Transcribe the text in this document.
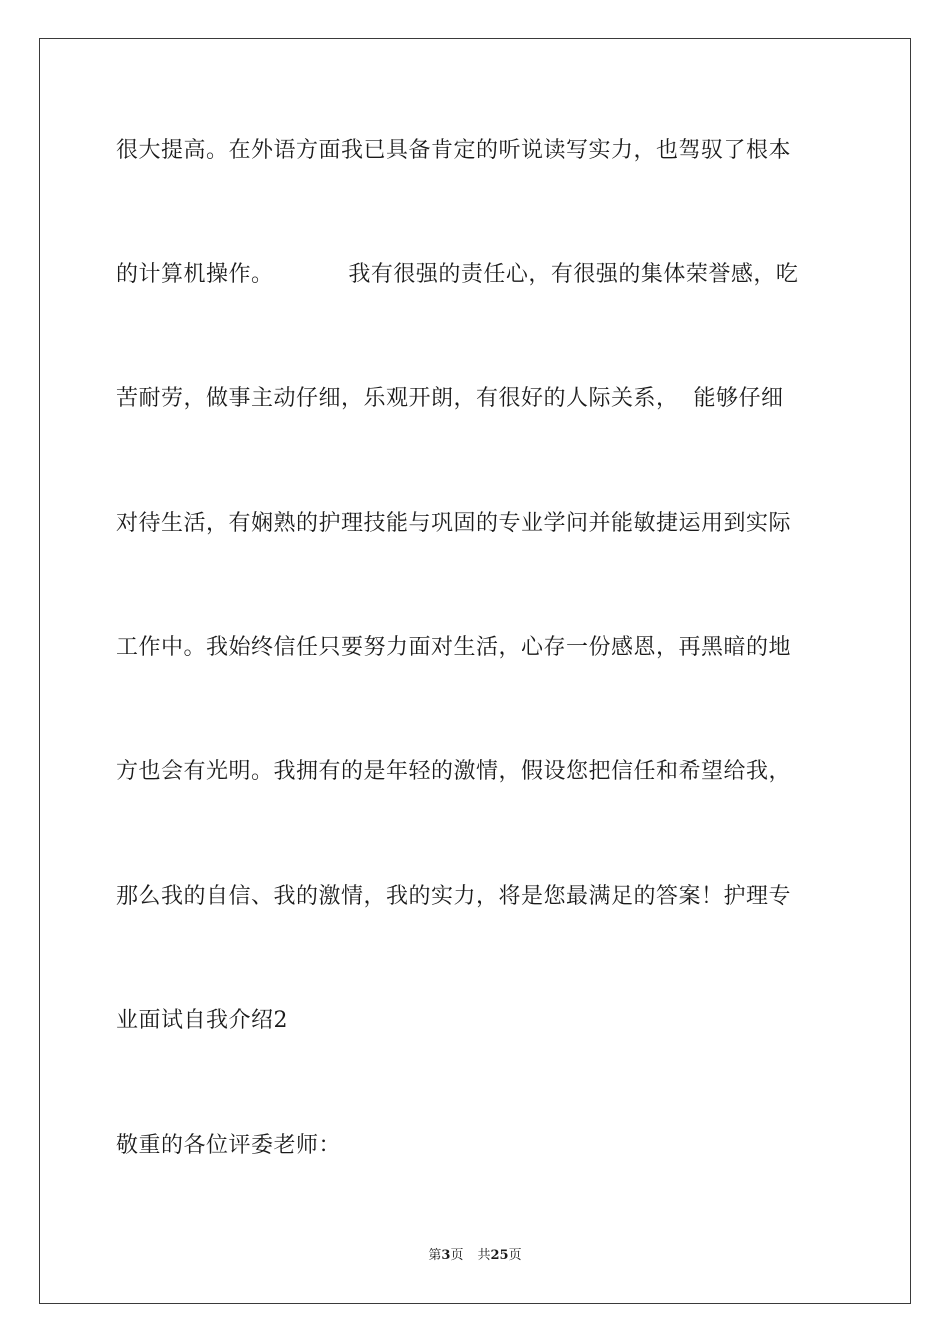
很大提高。在外语方面我已具备肯定的听说读写实力，也驾驭了根本
的计算机操作。          我有很强的责任心，有很强的集体荣誉感，吃
苦耐劳，做事主动仔细，乐观开朗，有很好的人际关系，  能够仔细
对待生活，有娴熟的护理技能与巩固的专业学问并能敏捷运用到实际
工作中。我始终信任只要努力面对生活，心存一份感恩，再黑暗的地
方也会有光明。我拥有的是年轻的激情，假设您把信任和希望给我，
那么我的自信、我的激情，我的实力，将是您最满足的答案！护理专
业面试自我介绍2
敬重的各位评委老师：
第3页 共25页
